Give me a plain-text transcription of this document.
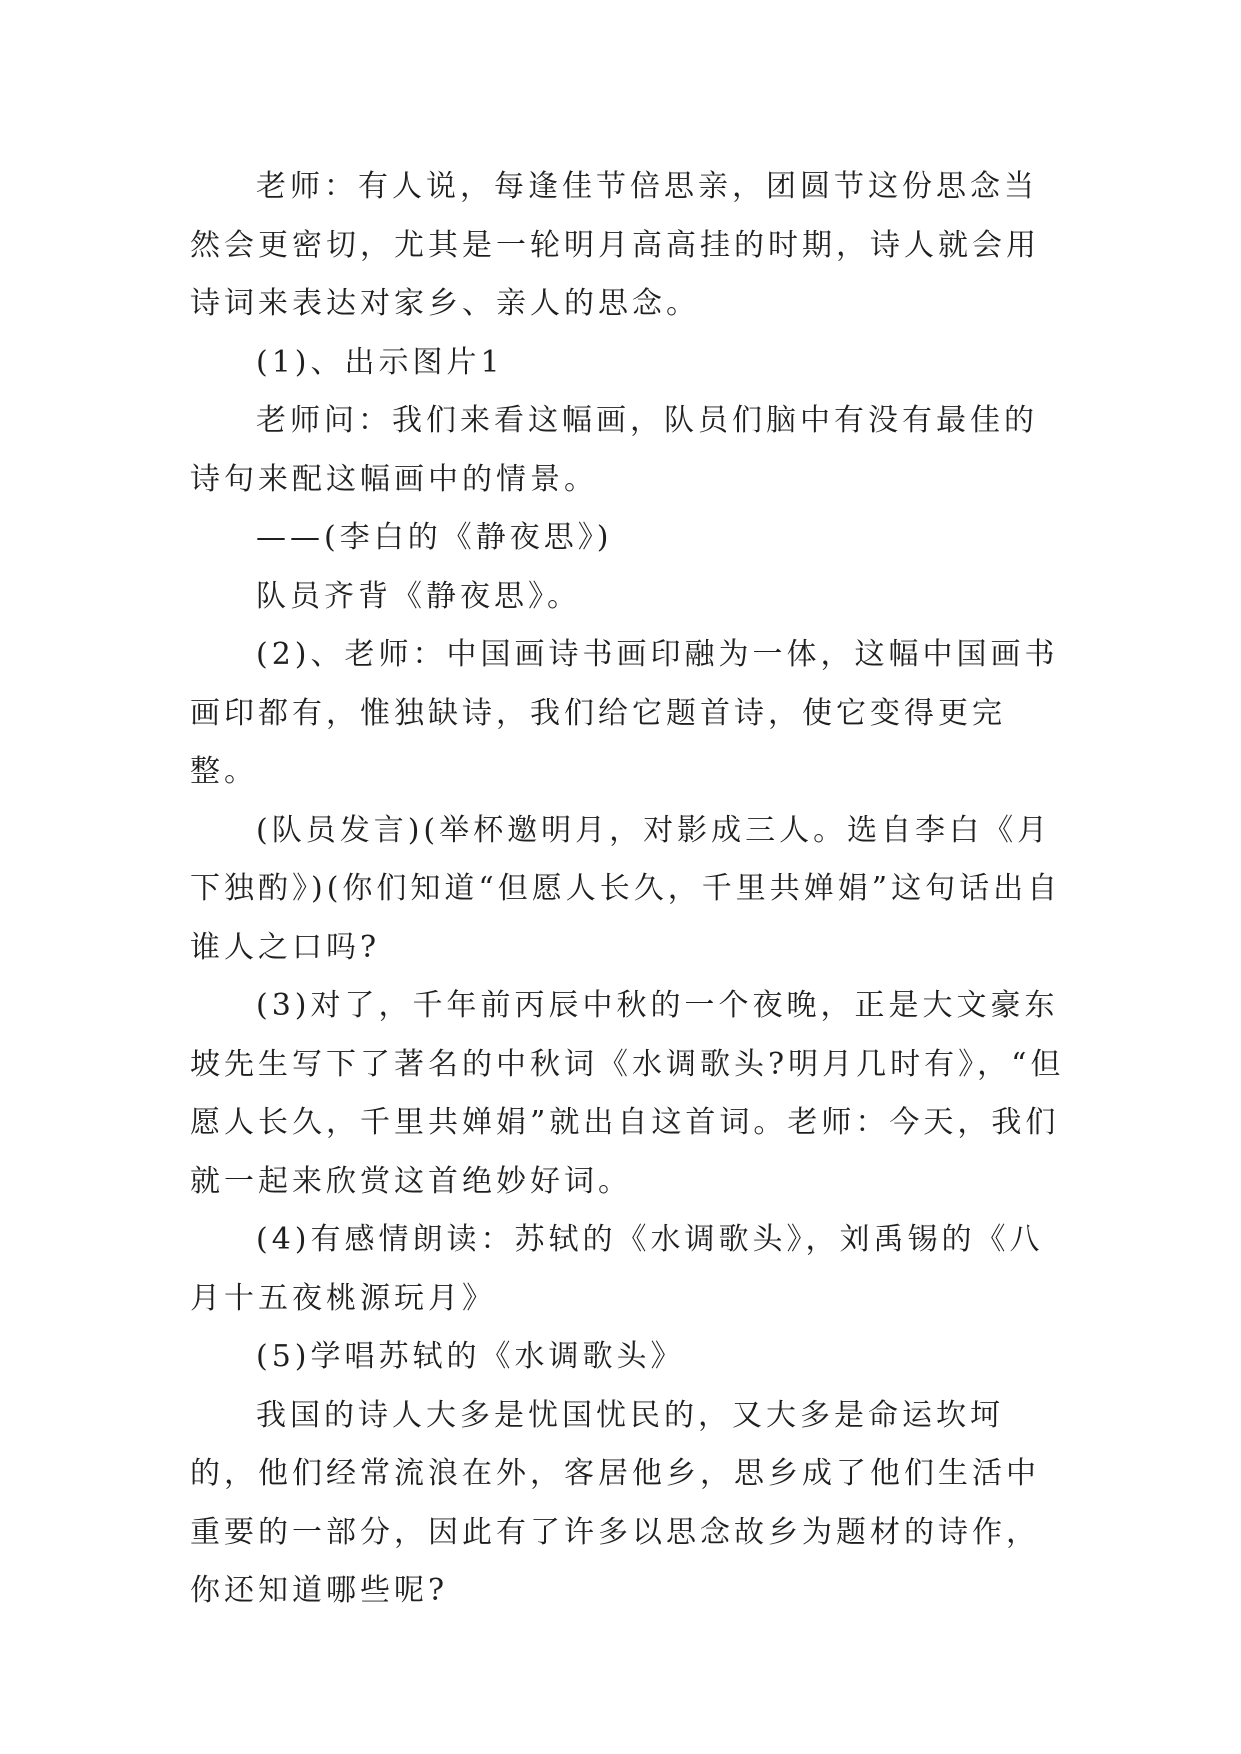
老师：有人说，每逢佳节倍思亲，团圆节这份思念当然会更密切，尤其是一轮明月高高挂的时期，诗人就会用诗词来表达对家乡、亲人的思念。

(1)、出示图片1

老师问：我们来看这幅画，队员们脑中有没有最佳的诗句来配这幅画中的情景。

——(李白的《静夜思》)

队员齐背《静夜思》。

(2)、老师：中国画诗书画印融为一体，这幅中国画书画印都有，惟独缺诗，我们给它题首诗，使它变得更完整。

(队员发言)(举杯邀明月，对影成三人。选自李白《月下独酌》)(你们知道“但愿人长久，千里共婵娟”这句话出自谁人之口吗?

(3)对了，千年前丙辰中秋的一个夜晚，正是大文豪东坡先生写下了著名的中秋词《水调歌头?明月几时有》，“但愿人长久，千里共婵娟”就出自这首词。老师：今天，我们就一起来欣赏这首绝妙好词。

(4)有感情朗读：苏轼的《水调歌头》，刘禹锡的《八月十五夜桃源玩月》

(5)学唱苏轼的《水调歌头》

我国的诗人大多是忧国忧民的，又大多是命运坎坷的，他们经常流浪在外，客居他乡，思乡成了他们生活中重要的一部分，因此有了许多以思念故乡为题材的诗作，你还知道哪些呢?
